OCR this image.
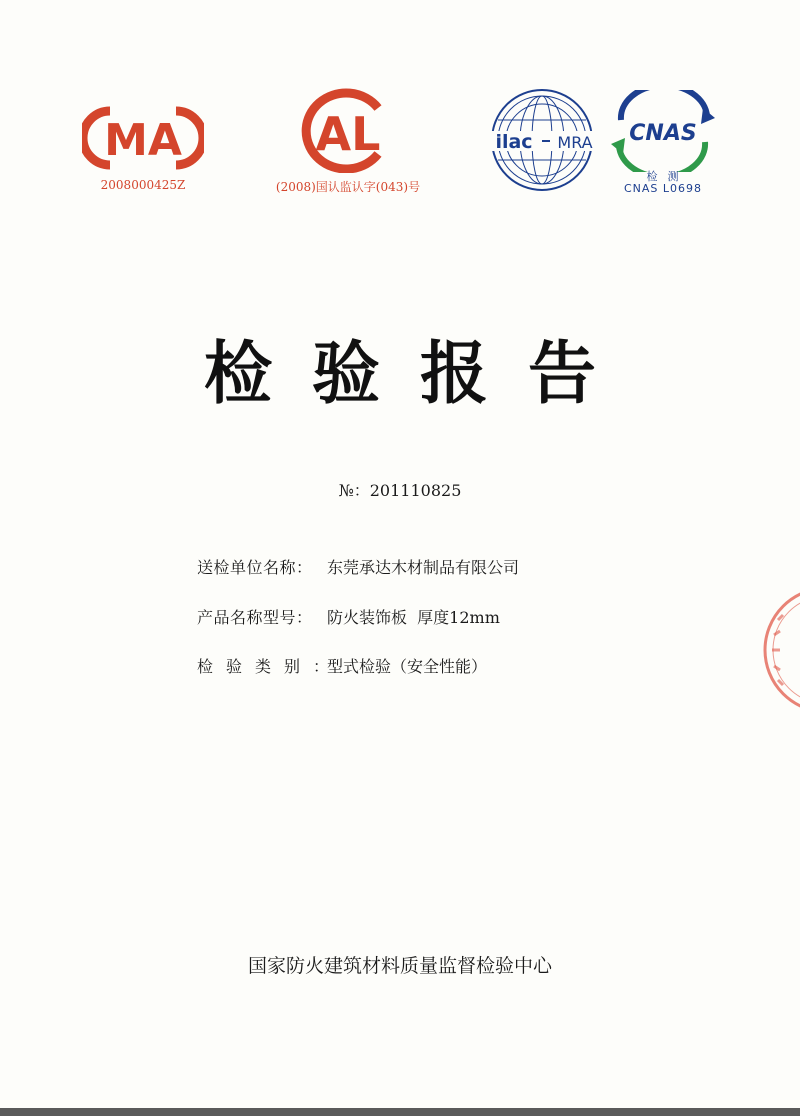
MA
2008000425Z
AL
(2008)国认监认字(043)号
ilac MRA CNAS
检  测
CNAS L0698
检验报告
№：201110825
送检单位名称： 东莞承达木材制品有限公司
产品名称型号： 防火装饰板  厚度12mm
检验类别：型式检验（安全性能）
国家防火建筑材料质量监督检验中心
